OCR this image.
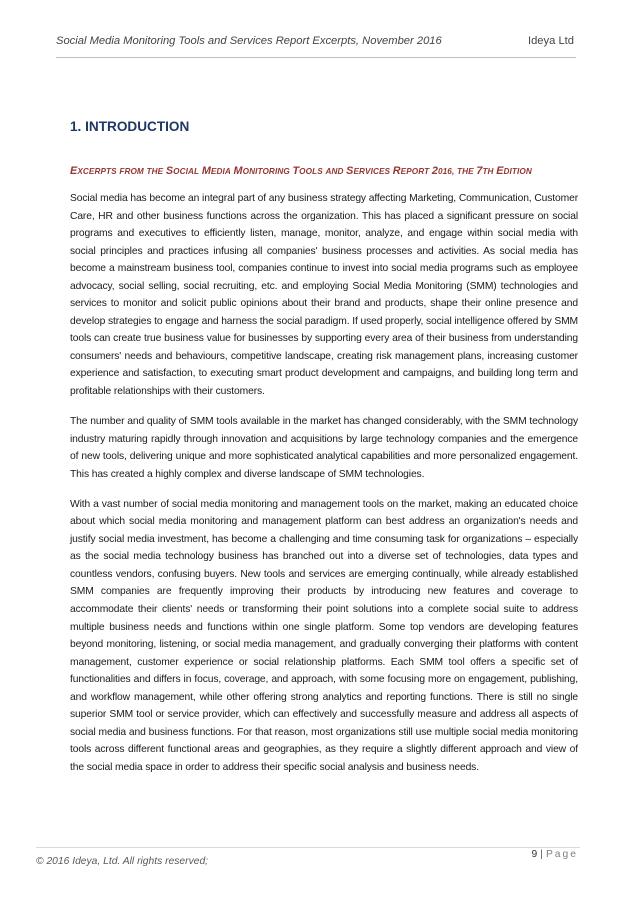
Social Media Monitoring Tools and Services Report Excerpts, November 2016	Ideya Ltd
1. INTRODUCTION
EXCERPTS FROM THE SOCIAL MEDIA MONITORING TOOLS AND SERVICES REPORT 2016, THE 7TH EDITION

Social media has become an integral part of any business strategy affecting Marketing, Communication, Customer Care, HR and other business functions across the organization. This has placed a significant pressure on social programs and executives to efficiently listen, manage, monitor, analyze, and engage within social media with social principles and practices infusing all companies' business processes and activities. As social media has become a mainstream business tool, companies continue to invest into social media programs such as employee advocacy, social selling, social recruiting, etc. and employing Social Media Monitoring (SMM) technologies and services to monitor and solicit public opinions about their brand and products, shape their online presence and develop strategies to engage and harness the social paradigm. If used properly, social intelligence offered by SMM tools can create true business value for businesses by supporting every area of their business from understanding consumers' needs and behaviours, competitive landscape, creating risk management plans, increasing customer experience and satisfaction, to executing smart product development and campaigns, and building long term and profitable relationships with their customers.

The number and quality of SMM tools available in the market has changed considerably, with the SMM technology industry maturing rapidly through innovation and acquisitions by large technology companies and the emergence of new tools, delivering unique and more sophisticated analytical capabilities and more personalized engagement. This has created a highly complex and diverse landscape of SMM technologies.

With a vast number of social media monitoring and management tools on the market, making an educated choice about which social media monitoring and management platform can best address an organization's needs and justify social media investment, has become a challenging and time consuming task for organizations – especially as the social media technology business has branched out into a diverse set of technologies, data types and countless vendors, confusing buyers. New tools and services are emerging continually, while already established SMM companies are frequently improving their products by introducing new features and coverage to accommodate their clients' needs or transforming their point solutions into a complete social suite to address multiple business needs and functions within one single platform. Some top vendors are developing features beyond monitoring, listening, or social media management, and gradually converging their platforms with content management, customer experience or social relationship platforms. Each SMM tool offers a specific set of functionalities and differs in focus, coverage, and approach, with some focusing more on engagement, publishing, and workflow management, while other offering strong analytics and reporting functions. There is still no single superior SMM tool or service provider, which can effectively and successfully measure and address all aspects of social media and business functions. For that reason, most organizations still use multiple social media monitoring tools across different functional areas and geographies, as they require a slightly different approach and view of the social media space in order to address their specific social analysis and business needs.

© 2016 Ideya, Ltd. All rights reserved;
9 | Page
